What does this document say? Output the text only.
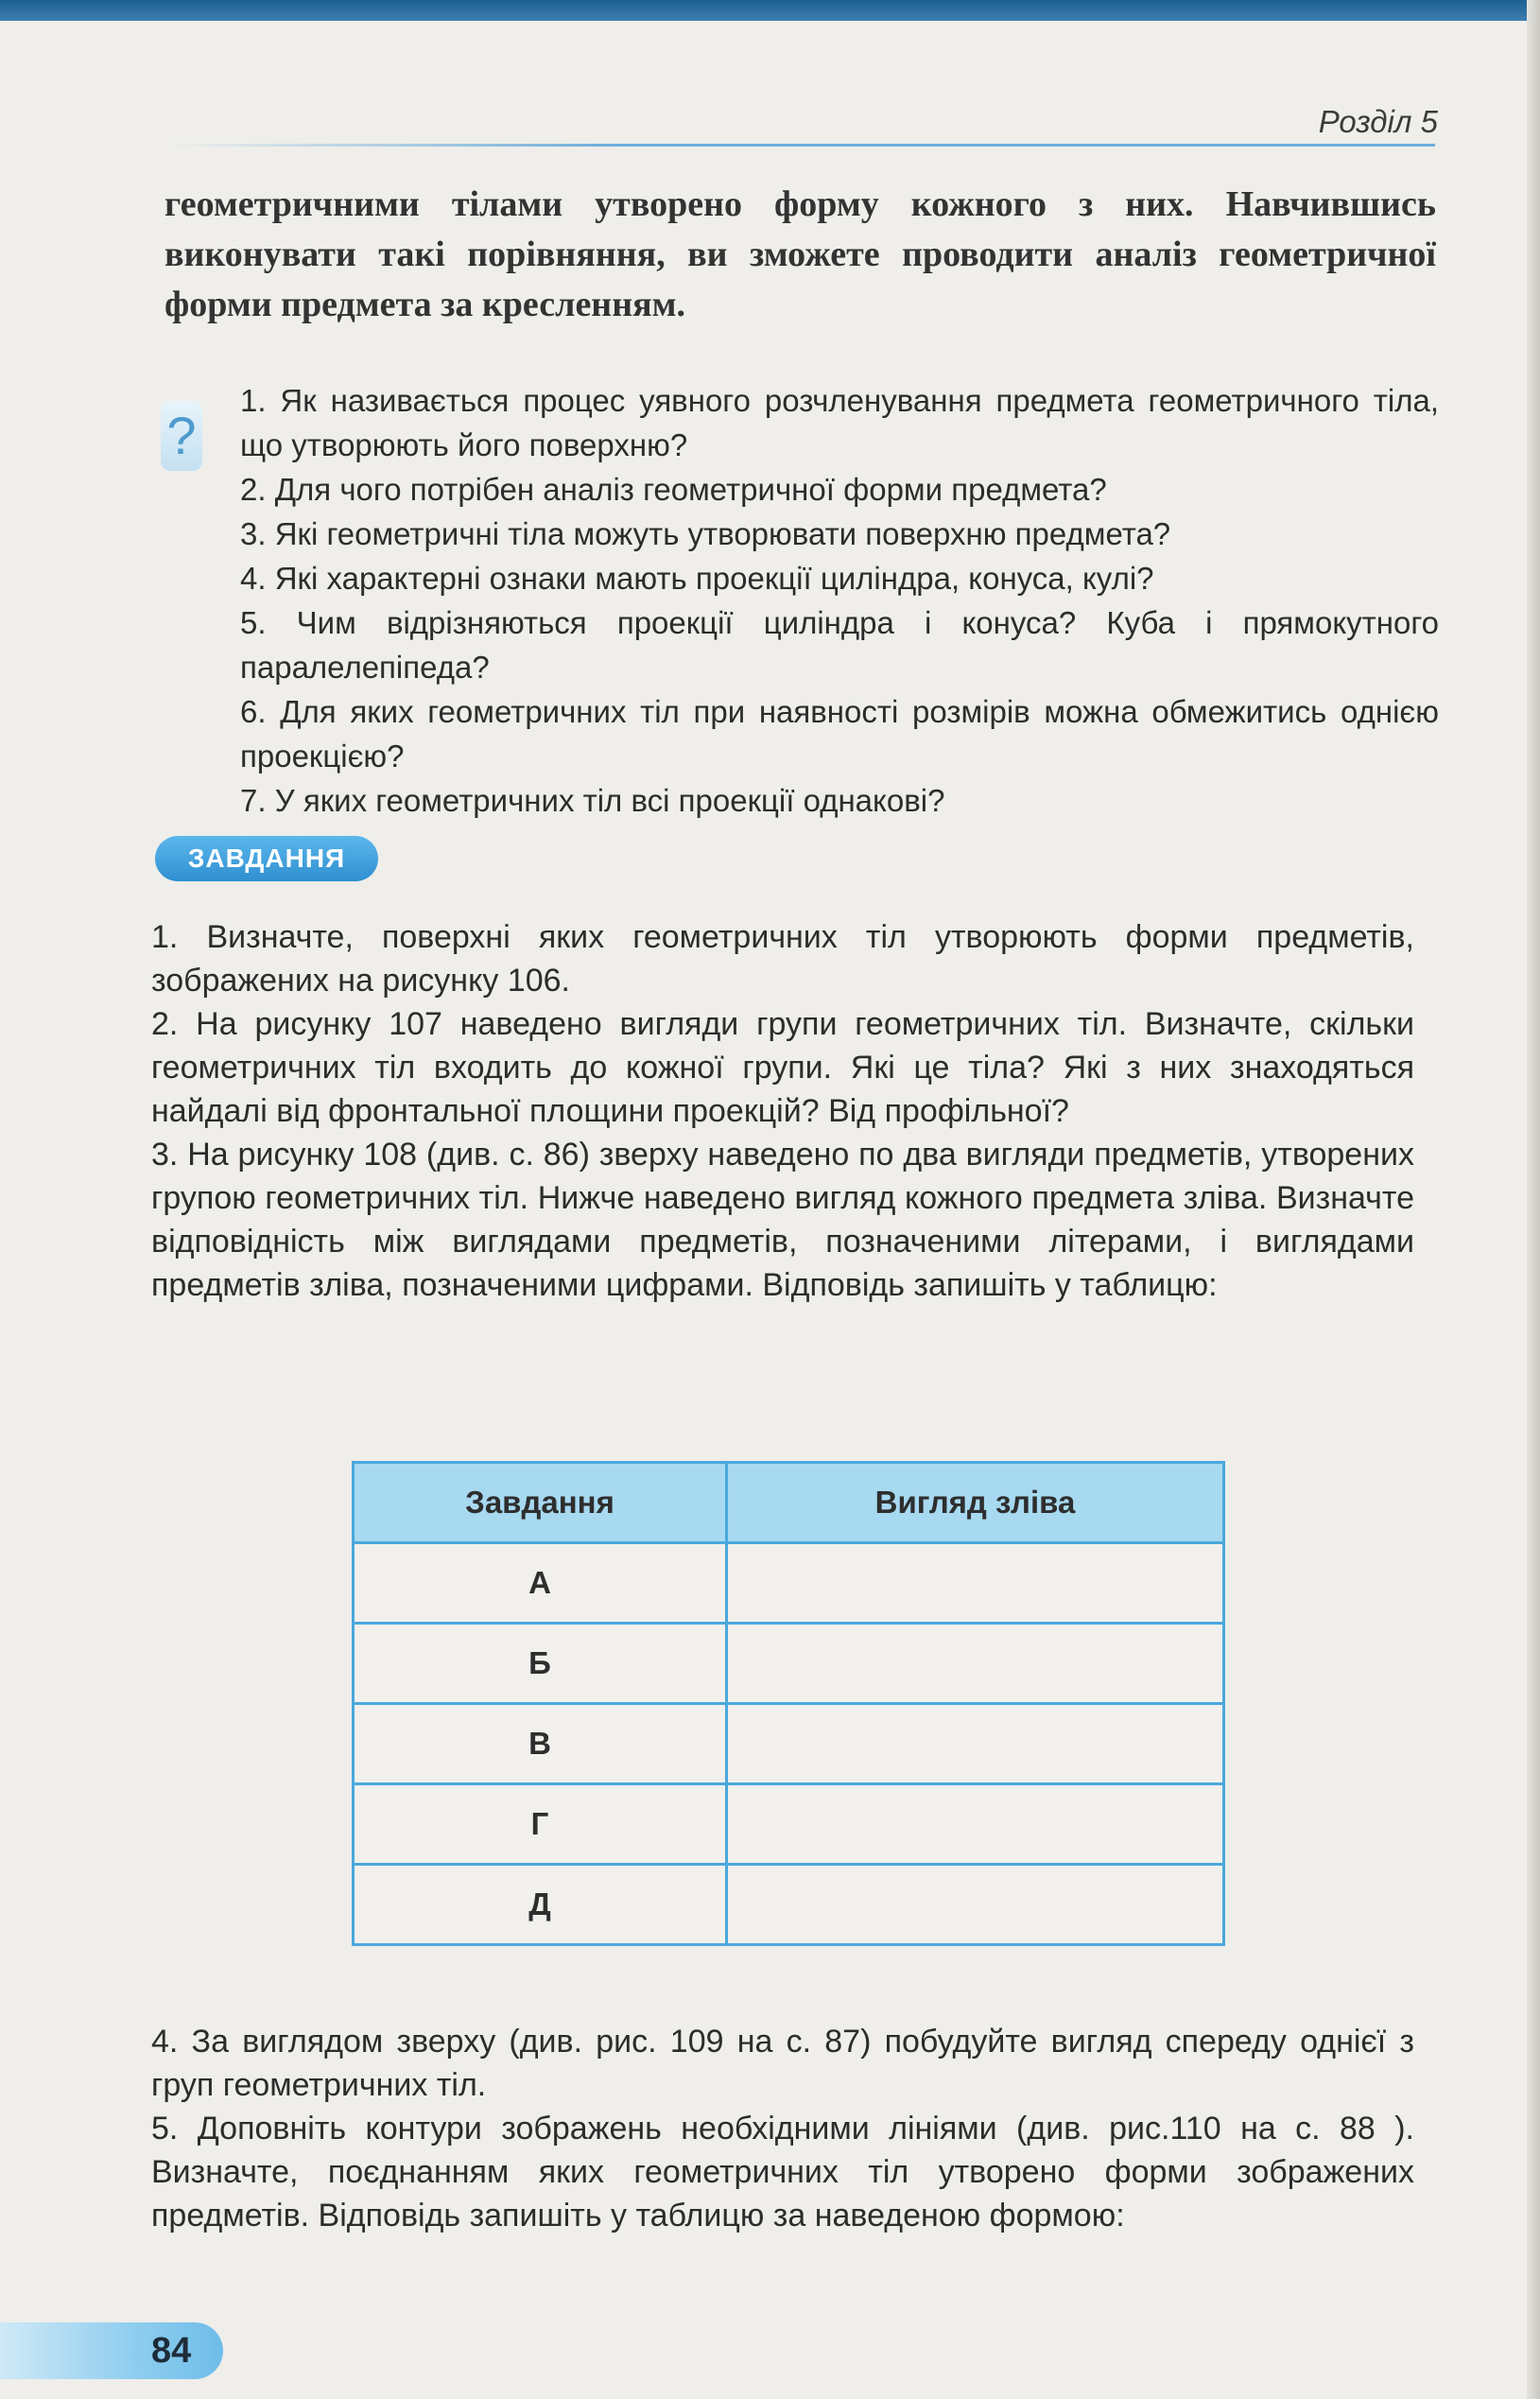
Розділ 5
геометричними тілами утворено форму кожного з них. Навчившись виконувати такі порівняння, ви зможете проводити аналіз геометричної форми предмета за кресленням.
?
1. Як називається процес уявного розчленування предмета геометричного тіла, що утворюють його поверхню?
2. Для чого потрібен аналіз геометричної форми предмета?
3. Які геометричні тіла можуть утворювати поверхню предмета?
4. Які характерні ознаки мають проекції циліндра, конуса, кулі?
5. Чим відрізняються проекції циліндра і конуса? Куба і прямокутного паралелепіпеда?
6. Для яких геометричних тіл при наявності розмірів можна обмежитись однією проекцією?
7. У яких геометричних тіл всі проекції однакові?
ЗАВДАННЯ

1. Визначте, поверхні яких геометричних тіл утворюють форми предметів, зображених на рисунку 106.

2. На рисунку 107 наведено вигляди групи геометричних тіл. Визначте, скільки геометричних тіл входить до кожної групи. Які це тіла? Які з них знаходяться найдалі від фронтальної площини проекцій? Від профільної?

3. На рисунку 108 (див. с. 86) зверху наведено по два вигляди предметів, утворених групою геометричних тіл. Нижче наведено вигляд кожного предмета зліва. Визначте відповідність між виглядами предметів, позначеними літерами, і виглядами предметів зліва, позначеними цифрами. Відповідь запишіть у таблицю:

Завдання	Вигляд зліва
А	
Б	
В	
Г	
Д	

4. За виглядом зверху (див. рис. 109 на с. 87) побудуйте вигляд спереду однієї з груп геометричних тіл.

5. Доповніть контури зображень необхідними лініями (див. рис.110 на с. 88 ). Визначте, поєднанням яких геометричних тіл утворено форми зображених предметів. Відповідь запишіть у таблицю за наведеною формою:

84
